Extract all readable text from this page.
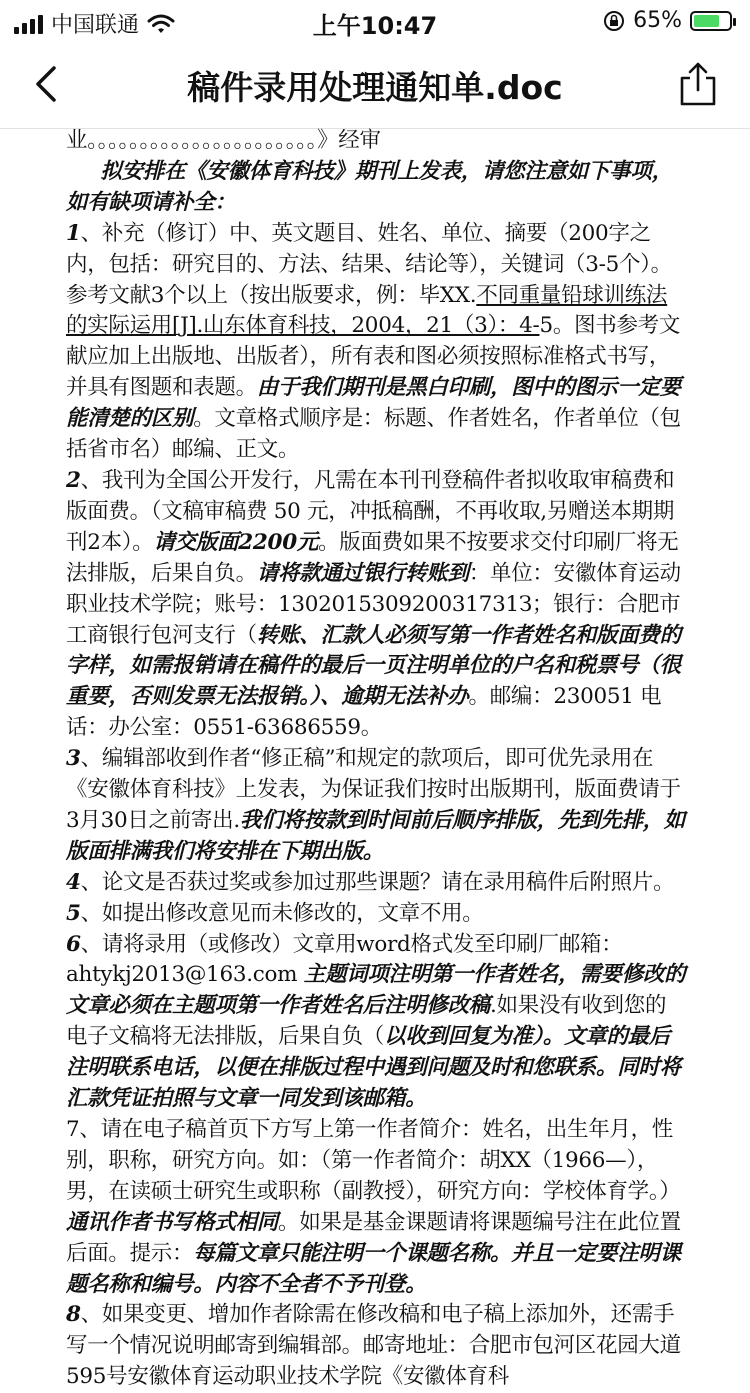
中国联通	上午10:47	65%
稿件录用处理通知单.doc

业。。。。。。。。。。。。。。。。。。。。。。》经审

拟安排在《安徽体育科技》期刊上发表，请您注意如下事项，如有缺项请补全：

1、补充（修订）中、英文题目、姓名、单位、摘要（200字之内，包括：研究目的、方法、结果、结论等），关键词（3-5个）。参考文献3个以上（按出版要求，例：毕XX.不同重量铅球训练法的实际运用[J].山东体育科技，2004，21（3）：4-5。图书参考文献应加上出版地、出版者），所有表和图必须按照标准格式书写，并具有图题和表题。由于我们期刊是黑白印刷，图中的图示一定要能清楚的区别。文章格式顺序是：标题、作者姓名，作者单位（包括省市名）邮编、正文。

2、我刊为全国公开发行，凡需在本刊刊登稿件者拟收取审稿费和版面费。（文稿审稿费 50 元，冲抵稿酬，不再收取,另赠送本期期刊2本）。请交版面2200元。版面费如果不按要求交付印刷厂将无法排版，后果自负。请将款通过银行转账到：单位：安徽体育运动职业技术学院；账号：130201530920031731З；银行：合肥市工商银行包河支行（转账、汇款人必须写第一作者姓名和版面费的字样，如需报销请在稿件的最后一页注明单位的户名和税票号（很重要，否则发票无法报销。）、逾期无法补办。邮编：230051 电话：办公室：0551-63686559。

3、编辑部收到作者“修正稿”和规定的款项后，即可优先录用在《安徽体育科技》上发表，为保证我们按时出版期刊，版面费请于 3月30日之前寄出.我们将按款到时间前后顺序排版，先到先排，如版面排满我们将安排在下期出版。

4、论文是否获过奖或参加过那些课题？请在录用稿件后附照片。

5、如提出修改意见而未修改的，文章不用。

6、请将录用（或修改）文章用word格式发至印刷厂邮箱：ahtykj2013@163.com 主题词项注明第一作者姓名，需要修改的文章必须在主题项第一作者姓名后注明修改稿.如果没有收到您的电子文稿将无法排版，后果自负（以收到回复为准）。文章的最后注明联系电话，以便在排版过程中遇到问题及时和您联系。同时将汇款凭证拍照与文章一同发到该邮箱。

7、请在电子稿首页下方写上第一作者简介：姓名，出生年月，性别，职称，研究方向。如：（第一作者简介：胡XX（1966—），男，在读硕士研究生或职称（副教授），研究方向：学校体育学。）通讯作者书写格式相同。如果是基金课题请将课题编号注在此位置后面。提示：每篇文章只能注明一个课题名称。并且一定要注明课题名称和编号。内容不全者不予刊登。

8、如果变更、增加作者除需在修改稿和电子稿上添加外，还需手写一个情况说明邮寄到编辑部。邮寄地址：合肥市包河区花园大道595号安徽体育运动职业技术学院《安徽体育科
